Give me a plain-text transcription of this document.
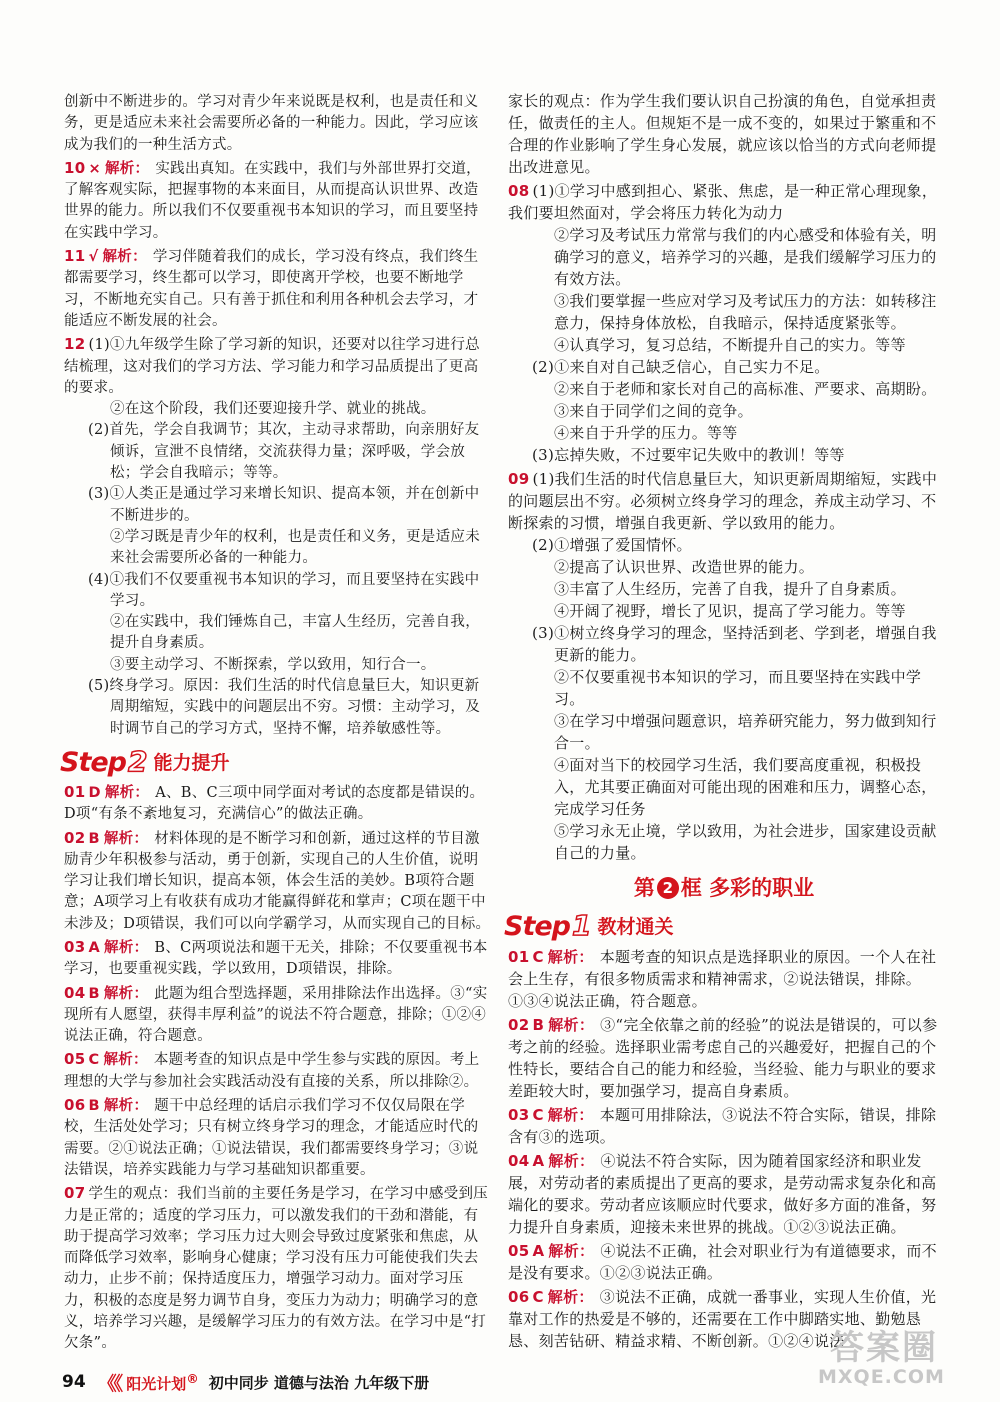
创新中不断进步的。学习对青少年来说既是权利，也是责任和义务，更是适应未来社会需要所必备的一种能力。因此，学习应该成为我们的一种生活方式。
10 × 解析： 实践出真知。在实践中，我们与外部世界打交道，了解客观实际，把握事物的本来面目，从而提高认识世界、改造世界的能力。所以我们不仅要重视书本知识的学习，而且要坚持在实践中学习。
11 √ 解析： 学习伴随着我们的成长，学习没有终点，我们终生都需要学习，终生都可以学习，即使离开学校，也要不断地学习，不断地充实自己。只有善于抓住和利用各种机会去学习，才能适应不断发展的社会。
12 (1)①九年级学生除了学习新的知识，还要对以往学习进行总结梳理，这对我们的学习方法、学习能力和学习品质提出了更高的要求。
②在这个阶段，我们还要迎接升学、就业的挑战。
(2)首先，学会自我调节；其次，主动寻求帮助，向亲朋好友倾诉，宣泄不良情绪，交流获得力量；深呼吸，学会放松；学会自我暗示；等等。
(3)①人类正是通过学习来增长知识、提高本领，并在创新中不断进步的。
②学习既是青少年的权利，也是责任和义务，更是适应未来社会需要所必备的一种能力。
(4)①我们不仅要重视书本知识的学习，而且要坚持在实践中学习。
②在实践中，我们锤炼自己，丰富人生经历，完善自我，提升自身素质。
③要主动学习、不断探索，学以致用，知行合一。
(5)终身学习。原因：我们生活的时代信息量巨大，知识更新周期缩短，实践中的问题层出不穷。习惯：主动学习，及时调节自己的学习方式，坚持不懈，培养敏感性等。
Step 2 能力提升
01 D 解析： A、B、C三项中同学面对考试的态度都是错误的。D项“有条不紊地复习，充满信心”的做法正确。
02 B 解析： 材料体现的是不断学习和创新，通过这样的节目激励青少年积极参与活动，勇于创新，实现自己的人生价值，说明学习让我们增长知识，提高本领，体会生活的美妙。B项符合题意；A项学习上有收获有成功才能赢得鲜花和掌声；C项在题干中未涉及；D项错误，我们可以向学霸学习，从而实现自己的目标。
03 A 解析： B、C两项说法和题干无关，排除；不仅要重视书本学习，也要重视实践，学以致用，D项错误，排除。
04 B 解析： 此题为组合型选择题，采用排除法作出选择。③“实现所有人愿望，获得丰厚利益”的说法不符合题意，排除；①②④说法正确，符合题意。
05 C 解析： 本题考查的知识点是中学生参与实践的原因。考上理想的大学与参加社会实践活动没有直接的关系，所以排除②。
06 B 解析： 题干中总经理的话启示我们学习不仅仅局限在学校，生活处处学习；只有树立终身学习的理念，才能适应时代的需要。②①说法正确；①说法错误，我们都需要终身学习；③说法错误，培养实践能力与学习基础知识都重要。
07 学生的观点：我们当前的主要任务是学习，在学习中感受到压力是正常的；适度的学习压力，可以激发我们的干劲和潜能，有助于提高学习效率；学习压力过大则会导致过度紧张和焦虑，从而降低学习效率，影响身心健康；学习没有压力可能使我们失去动力，止步不前；保持适度压力，增强学习动力。面对学习压力，积极的态度是努力调节自身，变压力为动力；明确学习的意义，培养学习兴趣，是缓解学习压力的有效方法。在学习中是“打欠条”。
家长的观点：作为学生我们要认识自己扮演的角色，自觉承担责任，做责任的主人。但规矩不是一成不变的，如果过于繁重和不合理的作业影响了学生身心发展，就应该以恰当的方式向老师提出改进意见。
08 (1)①学习中感到担心、紧张、焦虑，是一种正常心理现象，我们要坦然面对，学会将压力转化为动力
②学习及考试压力常常与我们的内心感受和体验有关，明确学习的意义，培养学习的兴趣，是我们缓解学习压力的有效方法。
③我们要掌握一些应对学习及考试压力的方法：如转移注意力，保持身体放松，自我暗示，保持适度紧张等。
④认真学习，复习总结，不断提升自己的实力。等等
(2)①来自对自己缺乏信心，自己实力不足。
②来自于老师和家长对自己的高标准、严要求、高期盼。
③来自于同学们之间的竞争。
④来自于升学的压力。等等
(3)忘掉失败，不过要牢记失败中的教训！等等
09 (1)我们生活的时代信息量巨大，知识更新周期缩短，实践中的问题层出不穷。必须树立终身学习的理念，养成主动学习、不断探索的习惯，增强自我更新、学以致用的能力。
(2)①增强了爱国情怀。
②提高了认识世界、改造世界的能力。
③丰富了人生经历，完善了自我，提升了自身素质。
④开阔了视野，增长了见识，提高了学习能力。等等
(3)①树立终身学习的理念，坚持活到老、学到老，增强自我更新的能力。
②不仅要重视书本知识的学习，而且要坚持在实践中学习。
③在学习中增强问题意识，培养研究能力，努力做到知行合一。
④面对当下的校园学习生活，我们要高度重视，积极投入，尤其要正确面对可能出现的困难和压力，调整心态，完成学习任务
⑤学习永无止境，学以致用，为社会进步，国家建设贡献自己的力量。
第 2 框 多彩的职业
Step 1 教材通关
01 C 解析： 本题考查的知识点是选择职业的原因。一个人在社会上生存，有很多物质需求和精神需求，②说法错误，排除。①③④说法正确，符合题意。
02 B 解析： ③“完全依靠之前的经验”的说法是错误的，可以参考之前的经验。选择职业需考虑自己的兴趣爱好，把握自己的个性特长，要结合自己的能力和经验，当经验、能力与职业的要求差距较大时，要加强学习，提高自身素质。
03 C 解析： 本题可用排除法，③说法不符合实际，错误，排除含有③的选项。
04 A 解析： ④说法不符合实际，因为随着国家经济和职业发展，对劳动者的素质提出了更高的要求，是劳动需求复杂化和高端化的要求。劳动者应该顺应时代要求，做好多方面的准备，努力提升自身素质，迎接未来世界的挑战。①②③说法正确。
05 A 解析： ④说法不正确，社会对职业行为有道德要求，而不是没有要求。①②③说法正确。
06 C 解析： ③说法不正确，成就一番事业，实现人生价值，光靠对工作的热爱是不够的，还需要在工作中脚踏实地、勤勉恳恳、刻苦钻研、精益求精、不断创新。①②④说法
94 《《 阳光计划® 初中同步 道德与法治 九年级下册
答案圈
MXQE.COM
